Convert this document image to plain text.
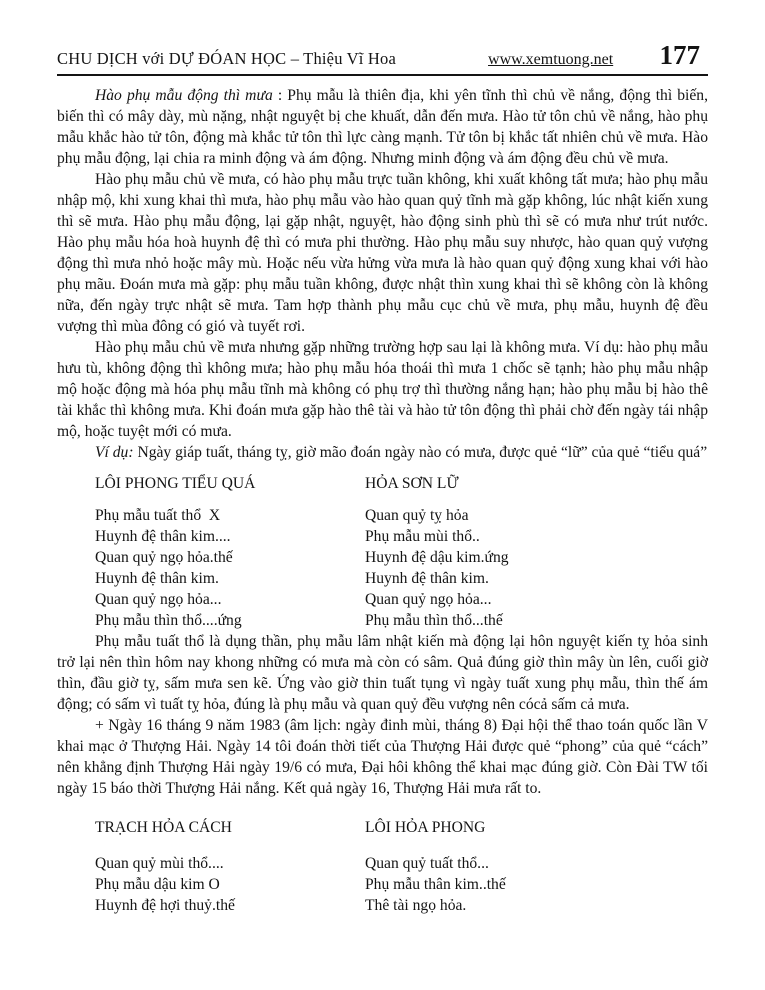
CHU DỊCH với DỰ ĐÓAN HỌC – Thiệu Vĩ Hoa	www.xemtuong.net 177

Hào phụ mẫu động thì mưa : Phụ mẫu là thiên địa, khi yên tĩnh thì chủ về nắng, động thì biến, biến thì có mây dày, mù nặng, nhật nguyệt bị che khuất, dẫn đến mưa. Hào tử tôn chủ về nắng, hào phụ mẫu khắc hào tử tôn, động mà khắc tử tôn thì lực càng mạnh. Tử tôn bị khắc tất nhiên chủ về mưa. Hào phụ mẫu động, lại chia ra minh động và ám động. Nhưng minh động và ám động đều chủ về mưa.

Hào phụ mẫu chủ về mưa, có hào phụ mẫu trực tuần không, khi xuất không tất mưa; hào phụ mẫu nhập mộ, khi xung khai thì mưa, hào phụ mẫu vào hào quan quỷ tĩnh mà gặp không, lúc nhật kiến xung thì sẽ mưa. Hào phụ mẫu động, lại gặp nhật, nguyệt, hào động sinh phù thì sẽ có mưa như trút nước. Hào phụ mẫu hóa hoà huynh đệ thì có mưa phi thường. Hào phụ mẫu suy nhược, hào quan quỷ vượng động thì mưa nhỏ hoặc mây mù. Hoặc nếu vừa hửng vừa mưa là hào quan quỷ động xung khai với hào phụ mãu. Đoán mưa mà gặp: phụ mẫu tuần không, được nhật thìn xung khai thì sẽ không còn là không nữa, đến ngày trực nhật sẽ mưa. Tam hợp thành phụ mẫu cục chủ về mưa, phụ mẫu, huynh đệ đều vượng thì mùa đông có gió và tuyết rơi.

Hào phụ mẫu chủ về mưa nhưng gặp những trường hợp sau lại là không mưa. Ví dụ: hào phụ mẫu hưu tù, không động thì không mưa; hào phụ mẫu hóa thoái thì mưa 1 chốc sẽ tạnh; hào phụ mẫu nhập mộ hoặc động mà hóa phụ mẫu tĩnh mà không có phụ trợ thì thường nắng hạn; hào phụ mẫu bị hào thê tài khắc thì không mưa. Khi đoán mưa gặp hào thê tài và hào tử tôn động thì phải chờ đến ngày tái nhập mộ, hoặc tuyệt mới có mưa.

Ví dụ: Ngày giáp tuất, tháng tỵ, giờ mão đoán ngày nào có mưa, được quẻ “lữ” của quẻ “tiểu quá”

LÔI PHONG TIỂU QUÁ
Phụ mẫu tuất thổ  X
Huynh đệ thân kim....
Quan quỷ ngọ hỏa.thế
Huynh đệ thân kim.
Quan quỷ ngọ hỏa...
Phụ mẫu thìn thổ....ứng
HỎA SƠN LỮ
Quan quỷ tỵ hỏa
Phụ mẫu mùi thổ..
Huynh đệ dậu kim.ứng
Huynh đệ thân kim.
Quan quỷ ngọ hỏa...
Phụ mẫu thìn thổ...thế

Phụ mẫu tuất thổ là dụng thần, phụ mẫu lâm nhật kiến mà động lại hôn nguyệt kiến tỵ hỏa sinh trở lại nên thìn hôm nay khong những có mưa mà còn có sâm. Quả đúng giờ thìn mây ùn lên, cuối giờ thìn, đầu giờ tỵ, sấm mưa sen kẽ. Ứng vào giờ thin tuất tụng vì ngày tuất xung phụ mẫu, thìn thế ám động; có sấm vì tuất tỵ hỏa, đúng là phụ mẫu và quan quỷ đều vượng nên cócả sấm cả mưa.

+ Ngày 16 tháng 9 năm 1983 (âm lịch: ngày đinh mùi, tháng 8) Đại hội thể thao toán quốc lần V khai mạc ở Thượng Hải. Ngày 14 tôi đoán thời tiết của Thượng Hải được quẻ “phong” của quẻ “cách” nên khẳng định Thượng Hải ngày 19/6 có mưa, Đại hôi không thể khai mạc đúng giờ. Còn Đài TW tối ngày 15 báo thời Thượng Hải nắng. Kết quả ngày 16, Thượng Hải mưa rất to.

TRẠCH HỎA CÁCH
Quan quỷ mùi thổ....
Phụ mẫu dậu kim O
Huynh đệ hợi thuỷ.thế
LÔI HỎA PHONG
Quan quỷ tuất thổ...
Phụ mẫu thân kim..thế
Thê tài ngọ hỏa.
